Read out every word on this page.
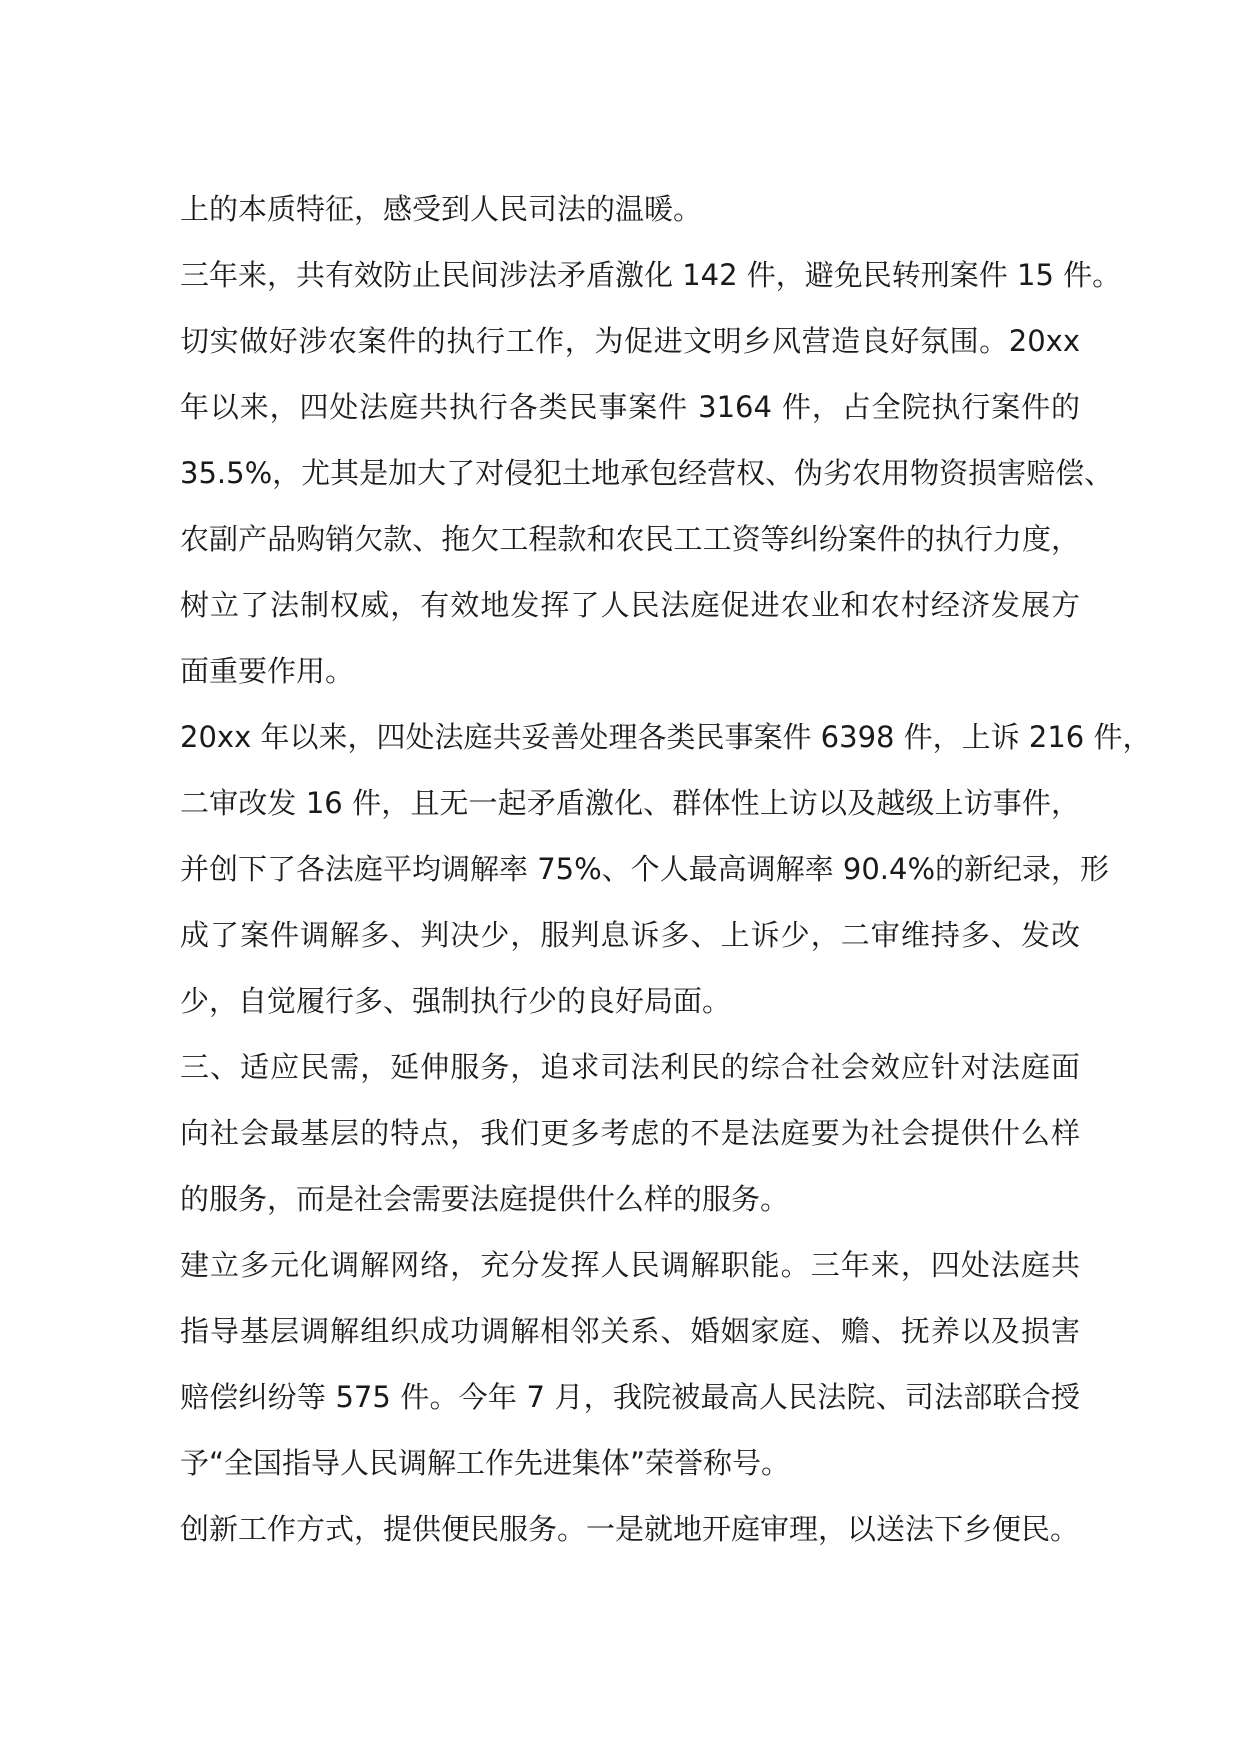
上的本质特征，感受到人民司法的温暖。
三年来，共有效防止民间涉法矛盾激化 142 件，避免民转刑案件 15 件。
切实做好涉农案件的执行工作，为促进文明乡风营造良好氛围。20xx
年以来，四处法庭共执行各类民事案件 3164 件，占全院执行案件的
35.5%，尤其是加大了对侵犯土地承包经营权、伪劣农用物资损害赔偿、
农副产品购销欠款、拖欠工程款和农民工工资等纠纷案件的执行力度，
树立了法制权威，有效地发挥了人民法庭促进农业和农村经济发展方
面重要作用。
20xx 年以来，四处法庭共妥善处理各类民事案件 6398 件，上诉 216 件，
二审改发 16 件，且无一起矛盾激化、群体性上访以及越级上访事件，
并创下了各法庭平均调解率 75%、个人最高调解率 90.4%的新纪录，形
成了案件调解多、判决少，服判息诉多、上诉少，二审维持多、发改
少，自觉履行多、强制执行少的良好局面。
三、适应民需，延伸服务，追求司法利民的综合社会效应针对法庭面
向社会最基层的特点，我们更多考虑的不是法庭要为社会提供什么样
的服务，而是社会需要法庭提供什么样的服务。
建立多元化调解网络，充分发挥人民调解职能。三年来，四处法庭共
指导基层调解组织成功调解相邻关系、婚姻家庭、赡、抚养以及损害
赔偿纠纷等 575 件。今年 7 月，我院被最高人民法院、司法部联合授
予“全国指导人民调解工作先进集体”荣誉称号。
创新工作方式，提供便民服务。一是就地开庭审理，以送法下乡便民。
